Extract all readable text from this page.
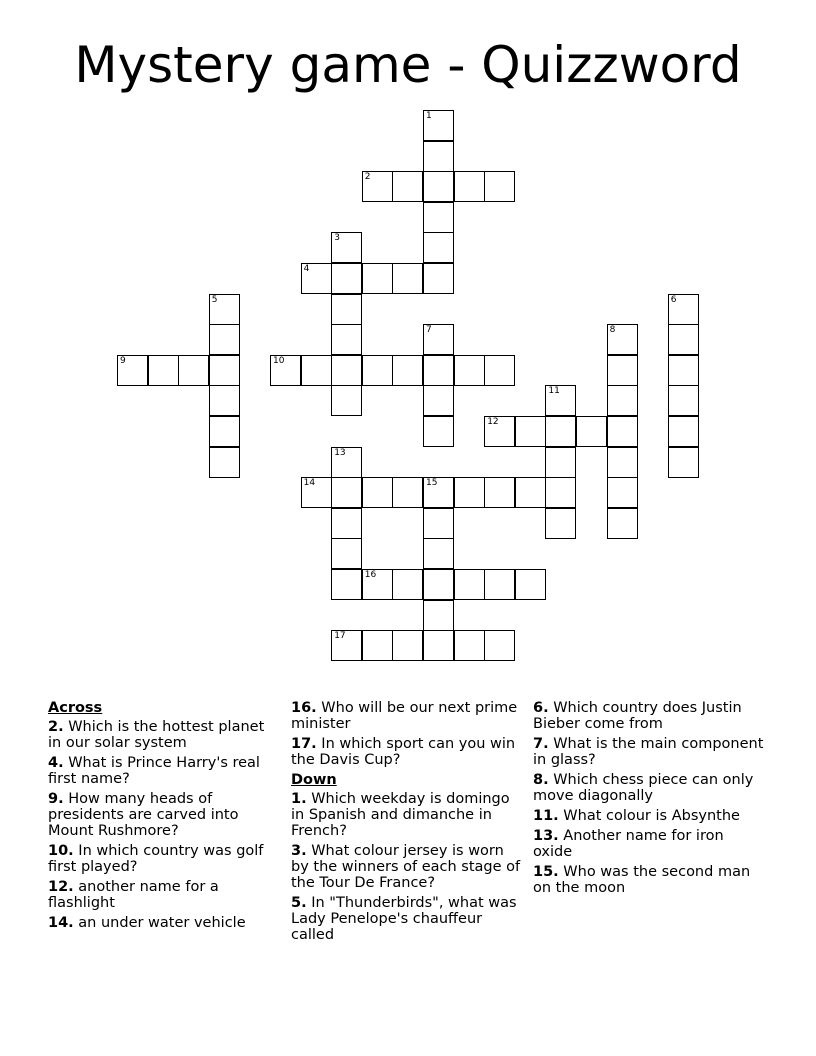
Mystery game - Quizzword
1
2
3
4
5	6
7	8
9	10
11
12
13
14	15
16
17
Across
2. Which is the hottest planet in our solar system
4. What is Prince Harry's real first name?
9. How many heads of presidents are carved into Mount Rushmore?
10. In which country was golf first played?
12. another name for a flashlight
14. an under water vehicle
16. Who will be our next prime minister
17. In which sport can you win the Davis Cup?
Down
1. Which weekday is domingo in Spanish and dimanche in French?
3. What colour jersey is worn by the winners of each stage of the Tour De France?
5. In "Thunderbirds", what was Lady Penelope's chauffeur called
6. Which country does Justin Bieber come from
7. What is the main component in glass?
8. Which chess piece can only move diagonally
11. What colour is Absynthe
13. Another name for iron oxide
15. Who was the second man on the moon
